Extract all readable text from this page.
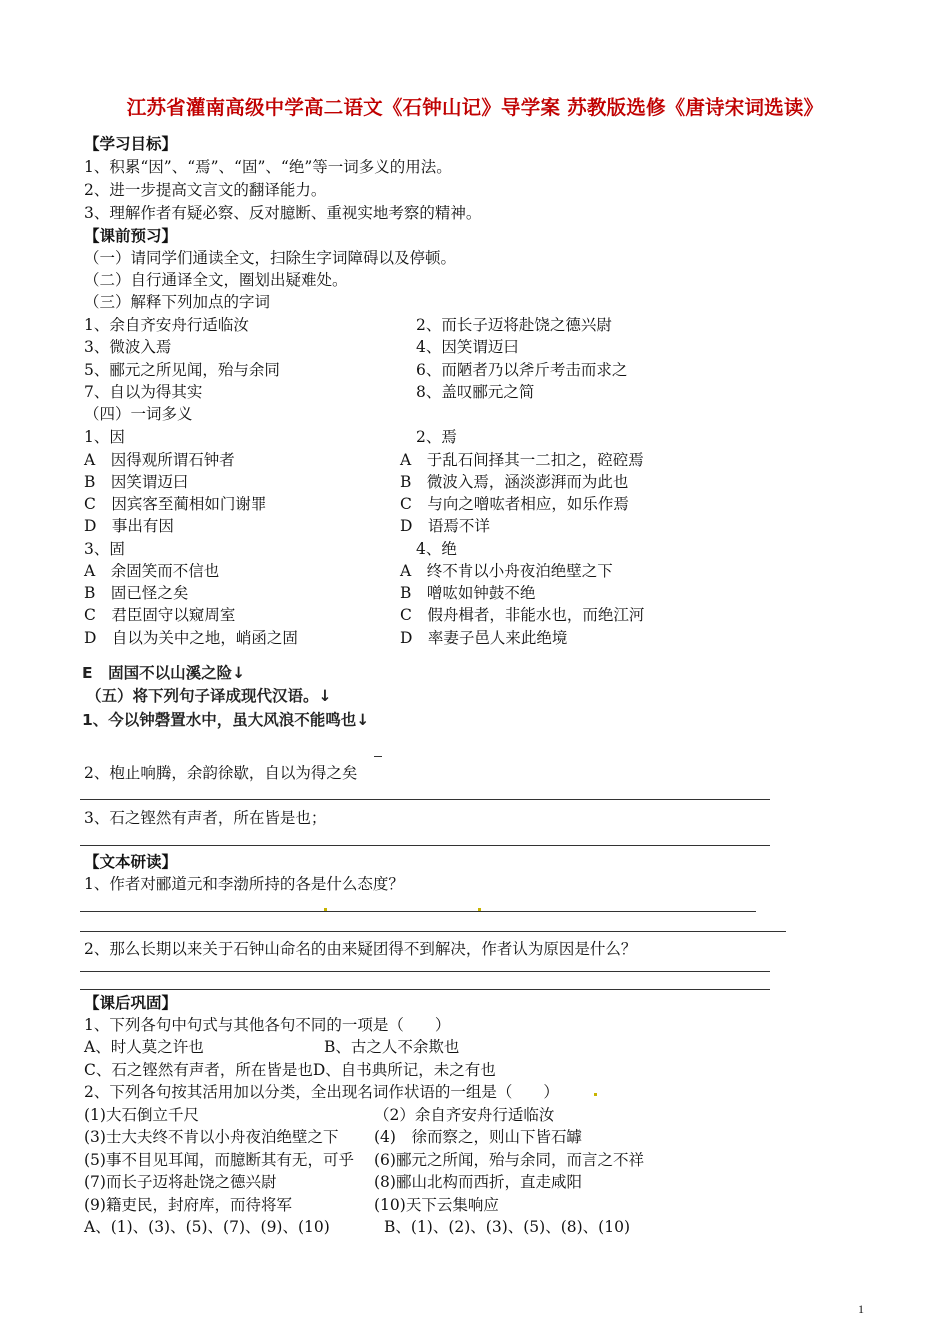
江苏省灌南高级中学高二语文《石钟山记》导学案 苏教版选修《唐诗宋词选读》
【学习目标】
1、积累“因”、“焉”、“固”、“绝”等一词多义的用法。
2、进一步提高文言文的翻译能力。
3、理解作者有疑必察、反对臆断、重视实地考察的精神。
【课前预习】
（一）请同学们通读全文，扫除生字词障碍以及停顿。
（二）自行通译全文，圈划出疑难处。
（三）解释下列加点的字词
1、余自齐安舟行适临汝	2、而长子迈将赴饶之德兴尉
3、微波入焉	4、因笑谓迈曰
5、郦元之所见闻，殆与余同	6、而陋者乃以斧斤考击而求之
7、自以为得其实	8、盖叹郦元之简
（四）一词多义
1、因	2、焉
A　因得观所谓石钟者	A　于乱石间择其一二扣之，硿硿焉
B　因笑谓迈曰	B　微波入焉，涵淡澎湃而为此也
C　因宾客至蔺相如门谢罪	C　与向之噌吰者相应，如乐作焉
D　事出有因	D　语焉不详
3、固	4、绝
A　余固笑而不信也	A　终不肯以小舟夜泊绝壁之下
B　固已怪之矣	B　噌吰如钟鼓不绝
C　君臣固守以窥周室	C　假舟楫者，非能水也，而绝江河
D　自以为关中之地，峭函之固	D　率妻子邑人来此绝境
E　固国不以山溪之险↓
（五）将下列句子译成现代汉语。↓
1、今以钟磬置水中，虽大风浪不能鸣也↓
2、枹止响腾，余韵徐歇，自以为得之矣
3、石之铿然有声者，所在皆是也；
【文本研读】
1、作者对郦道元和李渤所持的各是什么态度？
2、那么长期以来关于石钟山命名的由来疑团得不到解决，作者认为原因是什么？
【课后巩固】
1、下列各句中句式与其他各句不同的一项是（　　）
A、时人莫之许也	B、古之人不余欺也
C、石之铿然有声者，所在皆是也D、自书典所记，未之有也
2、下列各句按其活用加以分类，全出现名词作状语的一组是（　　）
(1)大石倒立千尺	（2）余自齐安舟行适临汝
(3)士大夫终不肯以小舟夜泊绝壁之下 (4)　徐而察之，则山下皆石罅
(5)事不目见耳闻，而臆断其有无，可乎 (6)郦元之所闻，殆与余同，而言之不祥
(7)而长子迈将赴饶之德兴尉	(8)郦山北构而西折，直走咸阳
(9)籍吏民，封府库，而待将军	(10)天下云集响应
A、(1)、(3)、(5)、(7)、(9)、(10)	B、(1)、(2)、(3)、(5)、(8)、(10)
1
